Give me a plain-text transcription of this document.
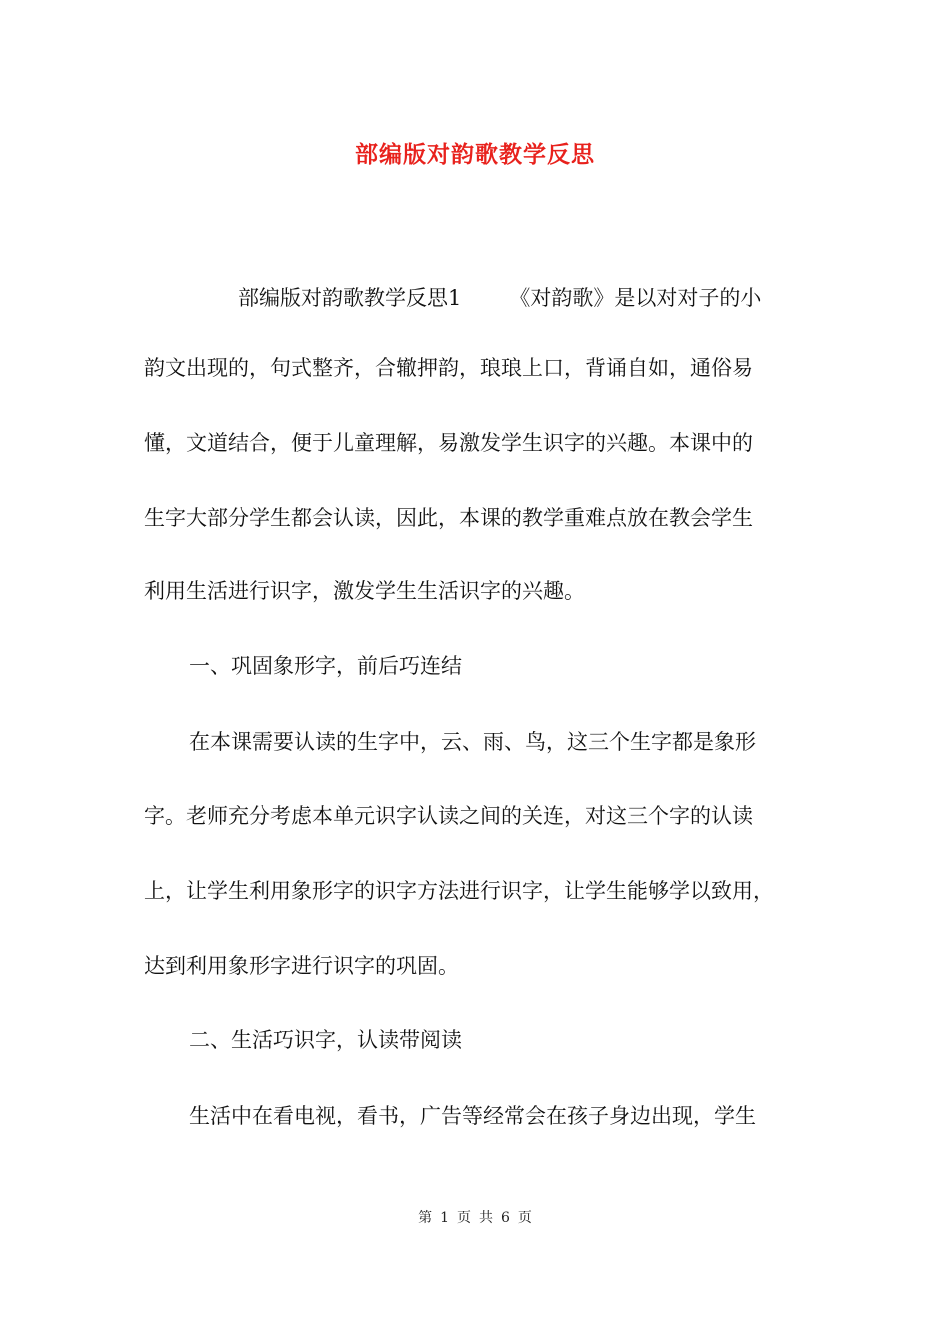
部编版对韵歌教学反思
部编版对韵歌教学反思1 《对韵歌》是以对对子的小
韵文出现的，句式整齐，合辙押韵，琅琅上口，背诵自如，通俗易
懂，文道结合，便于儿童理解，易激发学生识字的兴趣。本课中的
生字大部分学生都会认读，因此，本课的教学重难点放在教会学生
利用生活进行识字，激发学生生活识字的兴趣。
一、巩固象形字，前后巧连结
在本课需要认读的生字中，云、雨、鸟，这三个生字都是象形
字。老师充分考虑本单元识字认读之间的关连，对这三个字的认读
上，让学生利用象形字的识字方法进行识字，让学生能够学以致用，
达到利用象形字进行识字的巩固。
二、生活巧识字，认读带阅读
生活中在看电视，看书，广告等经常会在孩子身边出现，学生
第 1 页 共 6 页
